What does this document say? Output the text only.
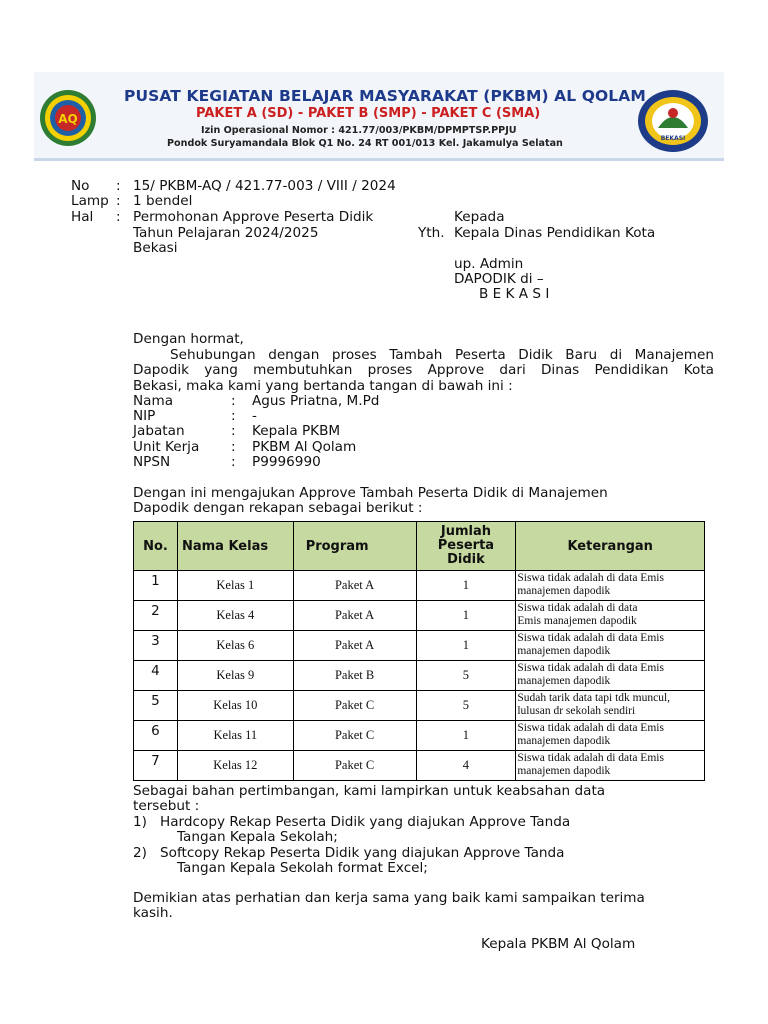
AQ
BEKASI
PUSAT KEGIATAN BELAJAR MASYARAKAT (PKBM) AL QOLAM
PAKET A (SD) - PAKET B (SMP) - PAKET C (SMA)
Izin Operasional Nomor : 421.77/003/PKBM/DPMPTSP.PPJU
Pondok Suryamandala Blok Q1 No. 24 RT 001/013 Kel. Jakamulya Selatan
No : 15/ PKBM-AQ / 421.77-003 / VIII / 2024
Lamp : 1 bendel
Hal : Permohonan Approve Peserta Didik
Tahun Pelajaran 2024/2025
Bekasi
Kepada
Yth. Kepala Dinas Pendidikan Kota
up. Admin
DAPODIK di –
B E K A S I
Dengan hormat,
Sehubungan dengan proses Tambah Peserta Didik Baru di Manajemen
Dapodik yang membutuhkan proses Approve dari Dinas Pendidikan Kota
Bekasi, maka kami yang bertanda tangan di bawah ini :
Nama	: Agus Priatna, M.Pd
NIP	: -
Jabatan	: Kepala PKBM
Unit Kerja : PKBM Al Qolam
NPSN	: P9996990
Dengan ini mengajukan Approve Tambah Peserta Didik di Manajemen
Dapodik dengan rekapan sebagai berikut :
No.	Nama Kelas	Program	Jumlah
Peserta
Didik	Keterangan
1	Kelas 1	Paket A	1	Siswa tidak adalah di data Emis
manajemen dapodik

2	Kelas 4	Paket A	1	Siswa tidak adalah di data
Emis manajemen dapodik

3	Kelas 6	Paket A	1	Siswa tidak adalah di data Emis
manajemen dapodik

4	Kelas 9	Paket B	5	Siswa tidak adalah di data Emis
manajemen dapodik

5	Kelas 10	Paket C	5	Sudah tarik data tapi tdk muncul,
lulusan dr sekolah sendiri

6	Kelas 11	Paket C	1	Siswa tidak adalah di data Emis
manajemen dapodik

7	Kelas 12	Paket C	4	Siswa tidak adalah di data Emis
manajemen dapodik
Sebagai bahan pertimbangan, kami lampirkan untuk keabsahan data
tersebut :
1) Hardcopy Rekap Peserta Didik yang diajukan Approve Tanda
Tangan Kepala Sekolah;
2) Softcopy Rekap Peserta Didik yang diajukan Approve Tanda
Tangan Kepala Sekolah format Excel;
Demikian atas perhatian dan kerja sama yang baik kami sampaikan terima
kasih.
Kepala PKBM Al Qolam
